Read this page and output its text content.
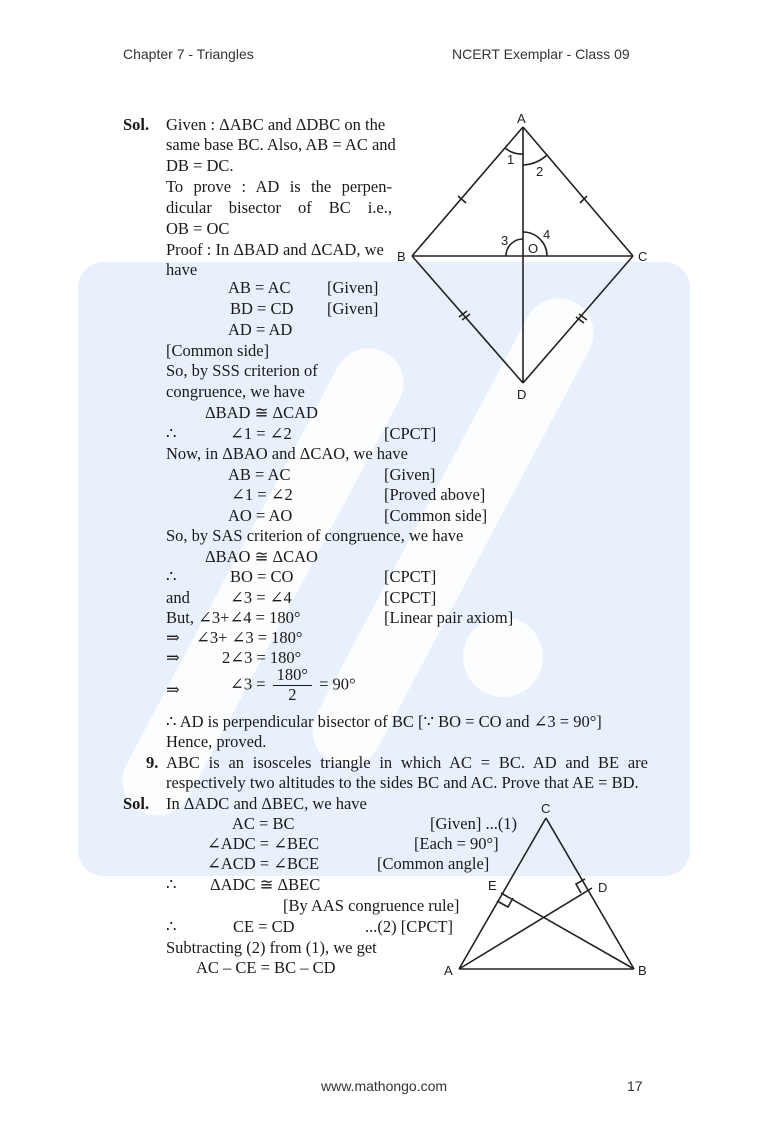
Chapter 7 - Triangles	NCERT Exemplar - Class 09
Sol. Given : ΔABC and ΔDBC on the
same base BC. Also, AB = AC and
DB = DC.
To prove : AD is the perpen-
dicular bisector of BC i.e.,
OB = OC
Proof : In ΔBAD and ΔCAD, we
have
AB = AC [Given]
BD = CD [Given]
AD = AD
[Common side]
So, by SSS criterion of
congruence, we have
ΔBAD ≅ ΔCAD
∴	∠1 = ∠2	[CPCT]
Now, in ΔBAO and ΔCAO, we have
AB = AC	[Given]
∠1 = ∠2	[Proved above]
AO = AO	[Common side]
So, by SAS criterion of congruence, we have
ΔBAO ≅ ΔCAO
∴	BO = CO	[CPCT]
and ∠3 = ∠4	[CPCT]
But, ∠3+∠4 = 180°	[Linear pair axiom]
⇒ ∠3+ ∠3 = 180°
⇒	2∠3 = 180°
⇒	∠3 = $\frac{180^\circ}{2} = 90^\circ$
∴ AD is perpendicular bisector of BC [∵ BO = CO and ∠3 = 90°]
Hence, proved.
9. ABC is an isosceles triangle in which AC = BC. AD and BE are
respectively two altitudes to the sides BC and AC. Prove that AE = BD.
Sol. In ΔADC and ΔBEC, we have
AC = BC	[Given] ...(1)
∠ADC = ∠BEC	[Each = 90°]
∠ACD = ∠BCE	[Common angle]
∴ ΔADC ≅ ΔBEC
[By AAS congruence rule]
∴	CE = CD	...(2) [CPCT]
Subtracting (2) from (1), we get
AC – CE = BC – CD
A
B	C
D
O
1
2
3	4
C
A	B
E	D
www.mathongo.com	17
